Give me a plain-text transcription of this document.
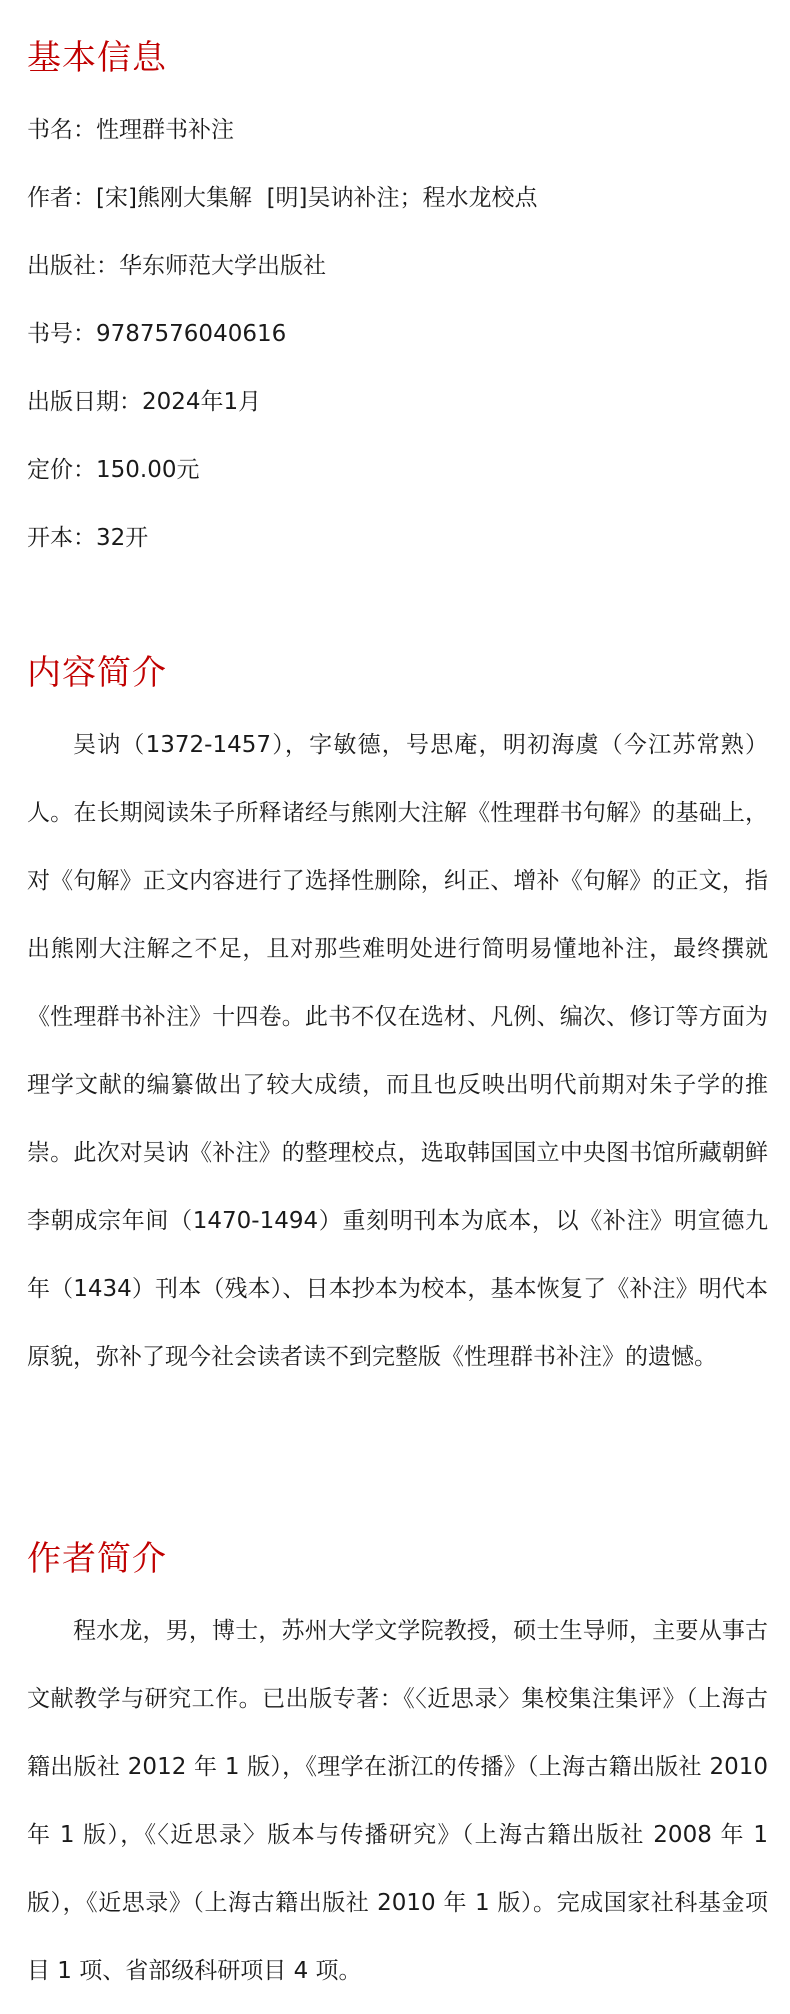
基本信息

书名：性理群书补注

作者：[宋]熊刚大集解  [明]吴讷补注；程水龙校点

出版社：华东师范大学出版社

书号：9787576040616

出版日期：2024年1月

定价：150.00元

开本：32开

内容简介

吴讷（1372-1457），字敏德，号思庵，明初海虞（今江苏常熟）人。在长期阅读朱子所释诸经与熊刚大注解《性理群书句解》的基础上，对《句解》正文内容进行了选择性删除，纠正、增补《句解》的正文，指出熊刚大注解之不足，且对那些难明处进行简明易懂地补注，最终撰就《性理群书补注》十四卷。此书不仅在选材、凡例、编次、修订等方面为理学文献的编纂做出了较大成绩，而且也反映出明代前期对朱子学的推崇。此次对吴讷《补注》的整理校点，选取韩国国立中央图书馆所藏朝鲜李朝成宗年间（1470-1494）重刻明刊本为底本，以《补注》明宣德九年（1434）刊本（残本）、日本抄本为校本，基本恢复了《补注》明代本原貌，弥补了现今社会读者读不到完整版《性理群书补注》的遗憾。

作者简介

程水龙，男，博士，苏州大学文学院教授，硕士生导师，主要从事古文献教学与研究工作。已出版专著：《〈近思录〉集校集注集评》（上海古籍出版社 2012 年 1 版），《理学在浙江的传播》（上海古籍出版社 2010 年 1 版），《〈近思录〉版本与传播研究》（上海古籍出版社 2008 年 1 版），《近思录》（上海古籍出版社 2010 年 1 版）。完成国家社科基金项目 1 项、省部级科研项目 4 项。
